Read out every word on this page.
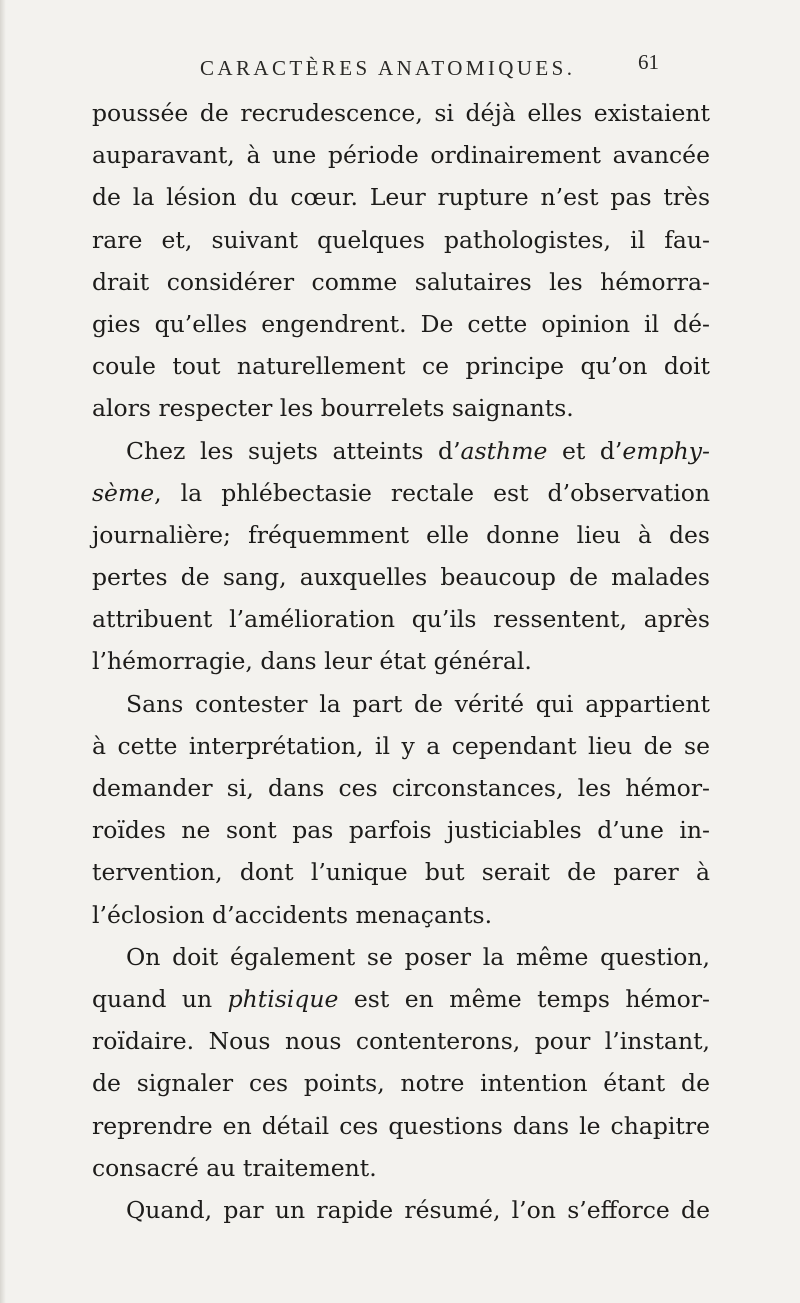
CARACTÈRES ANATOMIQUES.	61
poussée de recrudescence, si déjà elles existaient
auparavant, à une période ordinairement avancée
de la lésion du cœur. Leur rupture n’est pas très
rare et, suivant quelques pathologistes, il fau-
drait considérer comme salutaires les hémorra-
gies qu’elles engendrent. De cette opinion il dé-
coule tout naturellement ce principe qu’on doit
alors respecter les bourrelets saignants.
Chez les sujets atteints d’asthme et d’emphy-
sème, la phlébectasie rectale est d’observation
journalière; fréquemment elle donne lieu à des
pertes de sang, auxquelles beaucoup de malades
attribuent l’amélioration qu’ils ressentent, après
l’hémorragie, dans leur état général.
Sans contester la part de vérité qui appartient
à cette interprétation, il y a cependant lieu de se
demander si, dans ces circonstances, les hémor-
roïdes ne sont pas parfois justiciables d’une in-
tervention, dont l’unique but serait de parer à
l’éclosion d’accidents menaçants.
On doit également se poser la même question,
quand un phtisique est en même temps hémor-
roïdaire. Nous nous contenterons, pour l’instant,
de signaler ces points, notre intention étant de
reprendre en détail ces questions dans le chapitre
consacré au traitement.
Quand, par un rapide résumé, l’on s’efforce de
